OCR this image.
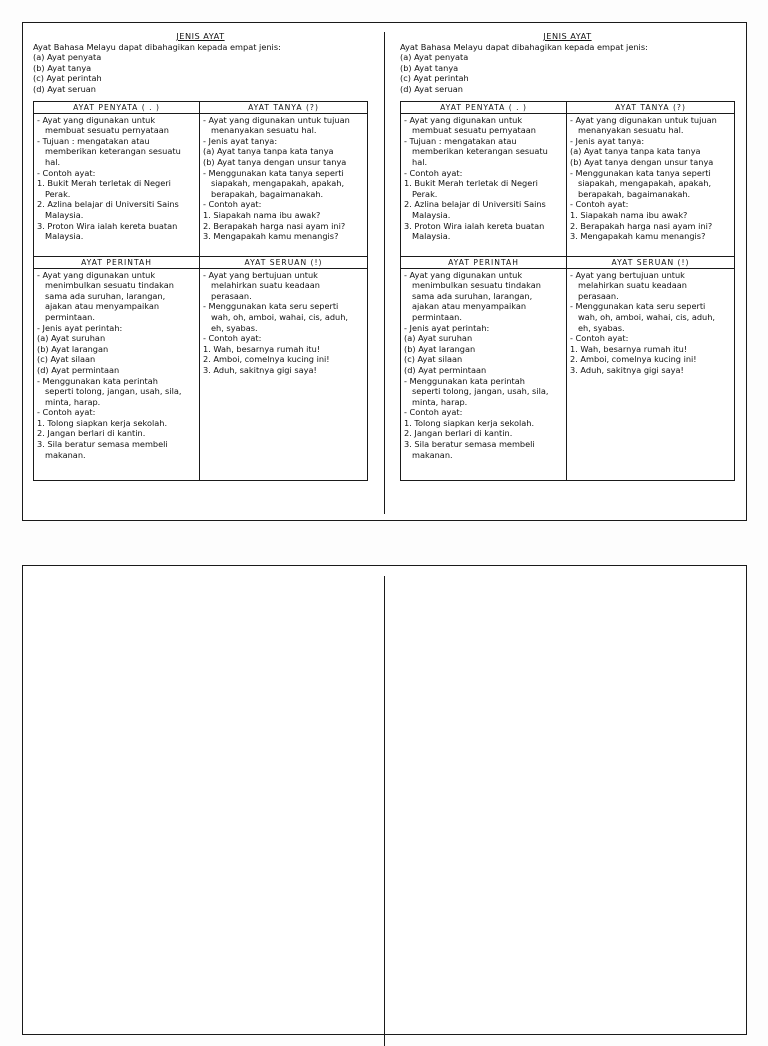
JENIS AYAT
Ayat Bahasa Melayu dapat dibahagikan kepada empat jenis:
(a) Ayat penyata
(b) Ayat tanya
(c) Ayat perintah
(d) Ayat seruan
AYAT PENYATA ( . )
- Ayat yang digunakan untuk
membuat sesuatu pernyataan
- Tujuan : mengatakan atau
memberikan keterangan sesuatu
hal.
- Contoh ayat:
1. Bukit Merah terletak di Negeri
Perak.
2. Azlina belajar di Universiti Sains
Malaysia.
3. Proton Wira ialah kereta buatan
Malaysia.
AYAT TANYA (?)
- Ayat yang digunakan untuk tujuan
menanyakan sesuatu hal.
- Jenis ayat tanya:
(a) Ayat tanya tanpa kata tanya
(b) Ayat tanya dengan unsur tanya
- Menggunakan kata tanya seperti
siapakah, mengapakah, apakah,
berapakah, bagaimanakah.
- Contoh ayat:
1. Siapakah nama ibu awak?
2. Berapakah harga nasi ayam ini?
3. Mengapakah kamu menangis?
AYAT PERINTAH
- Ayat yang digunakan untuk
menimbulkan sesuatu tindakan
sama ada suruhan, larangan,
ajakan atau menyampaikan
permintaan.
- Jenis ayat perintah:
(a) Ayat suruhan
(b) Ayat larangan
(c) Ayat silaan
(d) Ayat permintaan
- Menggunakan kata perintah
seperti tolong, jangan, usah, sila,
minta, harap.
- Contoh ayat:
1. Tolong siapkan kerja sekolah.
2. Jangan berlari di kantin.
3. Sila beratur semasa membeli
makanan.
AYAT SERUAN (!)
- Ayat yang bertujuan untuk
melahirkan suatu keadaan
perasaan.
- Menggunakan kata seru seperti
wah, oh, amboi, wahai, cis, aduh,
eh, syabas.
- Contoh ayat:
1. Wah, besarnya rumah itu!
2. Amboi, comelnya kucing ini!
3. Aduh, sakitnya gigi saya!
JENIS AYAT
Ayat Bahasa Melayu dapat dibahagikan kepada empat jenis:
(a) Ayat penyata
(b) Ayat tanya
(c) Ayat perintah
(d) Ayat seruan
AYAT PENYATA ( . )
- Ayat yang digunakan untuk
membuat sesuatu pernyataan
- Tujuan : mengatakan atau
memberikan keterangan sesuatu
hal.
- Contoh ayat:
1. Bukit Merah terletak di Negeri
Perak.
2. Azlina belajar di Universiti Sains
Malaysia.
3. Proton Wira ialah kereta buatan
Malaysia.
AYAT TANYA (?)
- Ayat yang digunakan untuk tujuan
menanyakan sesuatu hal.
- Jenis ayat tanya:
(a) Ayat tanya tanpa kata tanya
(b) Ayat tanya dengan unsur tanya
- Menggunakan kata tanya seperti
siapakah, mengapakah, apakah,
berapakah, bagaimanakah.
- Contoh ayat:
1. Siapakah nama ibu awak?
2. Berapakah harga nasi ayam ini?
3. Mengapakah kamu menangis?
AYAT PERINTAH
- Ayat yang digunakan untuk
menimbulkan sesuatu tindakan
sama ada suruhan, larangan,
ajakan atau menyampaikan
permintaan.
- Jenis ayat perintah:
(a) Ayat suruhan
(b) Ayat larangan
(c) Ayat silaan
(d) Ayat permintaan
- Menggunakan kata perintah
seperti tolong, jangan, usah, sila,
minta, harap.
- Contoh ayat:
1. Tolong siapkan kerja sekolah.
2. Jangan berlari di kantin.
3. Sila beratur semasa membeli
makanan.
AYAT SERUAN (!)
- Ayat yang bertujuan untuk
melahirkan suatu keadaan
perasaan.
- Menggunakan kata seru seperti
wah, oh, amboi, wahai, cis, aduh,
eh, syabas.
- Contoh ayat:
1. Wah, besarnya rumah itu!
2. Amboi, comelnya kucing ini!
3. Aduh, sakitnya gigi saya!
